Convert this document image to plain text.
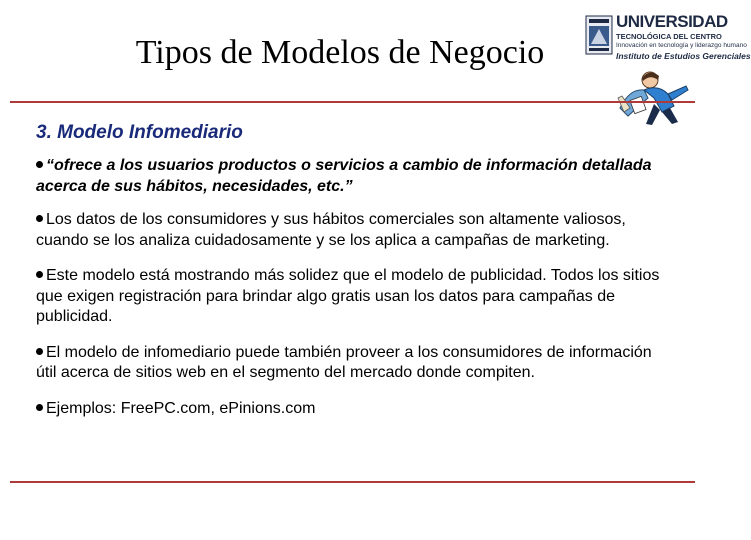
Tipos de Modelos de Negocio
UNIVERSIDAD
TECNOLÓGICA DEL CENTRO
Innovación en tecnología y liderazgo humano
Instituto de Estudios Gerenciales
3. Modelo Infomediario
“ofrece a los usuarios productos o servicios a cambio de información detallada acerca de sus hábitos, necesidades, etc.”
Los datos de los consumidores y sus hábitos comerciales son altamente valiosos, cuando se los analiza cuidadosamente y se los aplica a campañas de marketing.
Este modelo está mostrando más solidez que el modelo de publicidad. Todos los sitios que exigen registración para brindar algo gratis usan los datos para campañas de publicidad.
El modelo de infomediario puede también proveer a los consumidores de información útil acerca de sitios web en el segmento del mercado donde compiten.
Ejemplos: FreePC.com, ePinions.com
